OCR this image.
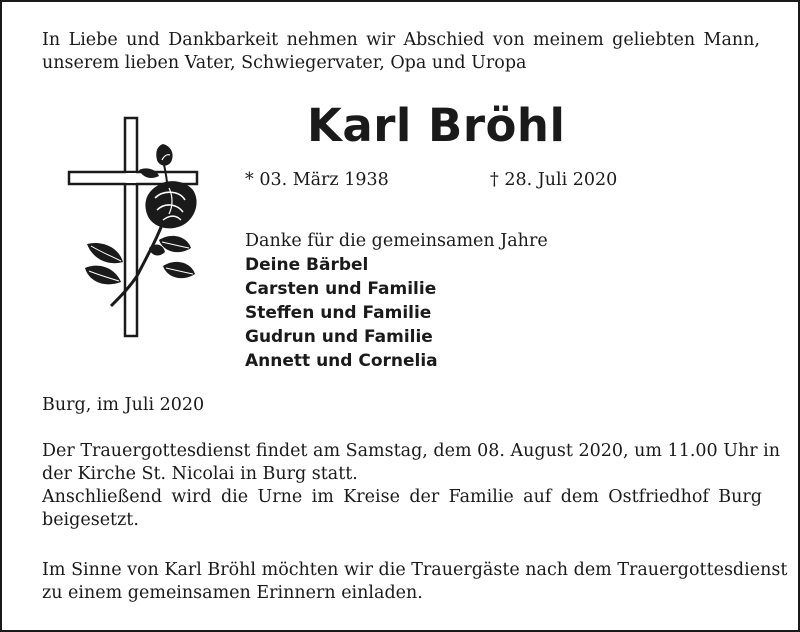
In Liebe und Dankbarkeit nehmen wir Abschied von meinem geliebten Mann,
unserem lieben Vater, Schwiegervater, Opa und Uropa
Karl Bröhl
* 03. März 1938	† 28. Juli 2020
Danke für die gemeinsamen Jahre
Deine Bärbel
Carsten und Familie
Steffen und Familie
Gudrun und Familie
Annett und Cornelia
Burg, im Juli 2020
Der Trauergottesdienst findet am Samstag, dem 08. August 2020, um 11.00 Uhr in
der Kirche St. Nicolai in Burg statt.
Anschließend wird die Urne im Kreise der Familie auf dem Ostfriedhof Burg
beigesetzt.
Im Sinne von Karl Bröhl möchten wir die Trauergäste nach dem Trauergottesdienst
zu einem gemeinsamen Erinnern einladen.
